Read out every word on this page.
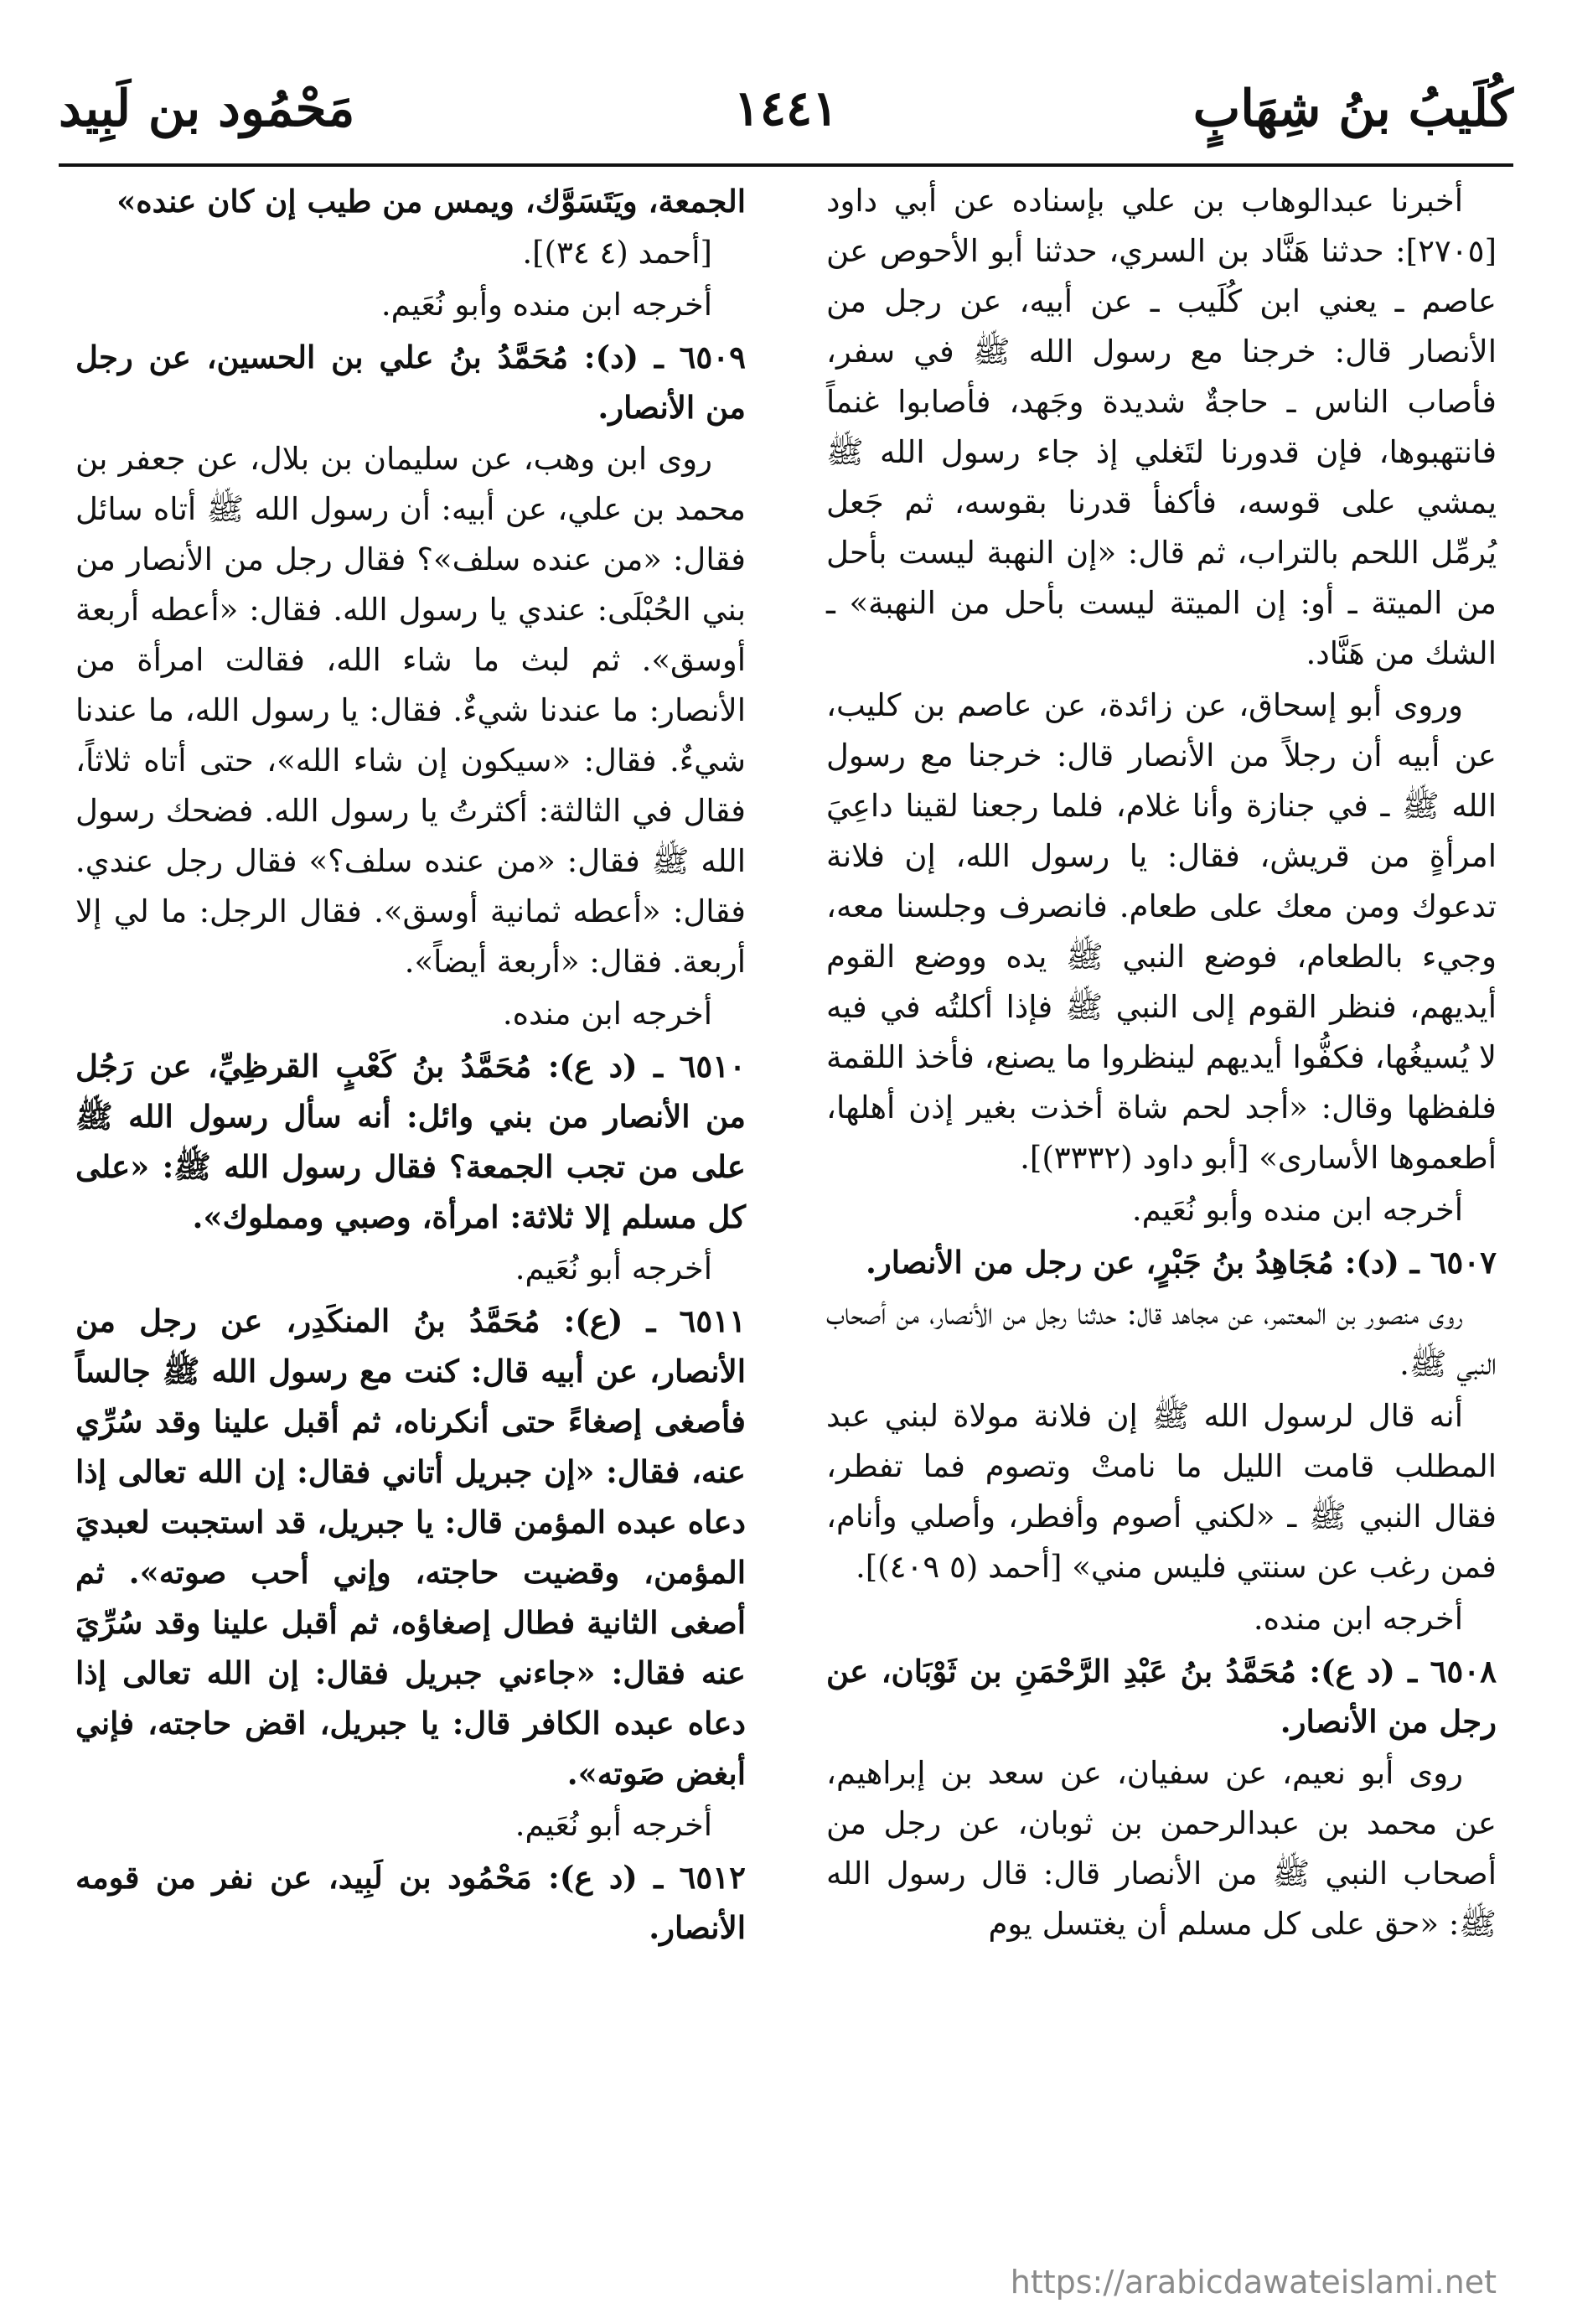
كُلَيبُ بنُ شِهَابٍ
١٤٤١
مَحْمُود بن لَبِيد

أخبرنا عبدالوهاب بن علي بإسناده عن أبي داود [٢٧٠٥]: حدثنا هَنَّاد بن السري، حدثنا أبو الأحوص عن عاصم ـ يعني ابن كُلَيب ـ عن أبيه، عن رجل من الأنصار قال: خرجنا مع رسول الله ﷺ في سفر، فأصاب الناس ـ حاجةٌ شديدة وجَهد، فأصابوا غنماً فانتهبوها، فإن قدورنا لتَغلي إذ جاء رسول الله ﷺ يمشي على قوسه، فأكفأ قدرنا بقوسه، ثم جَعل يُرمِّل اللحم بالتراب، ثم قال: «إن النهبة ليست بأحل من الميتة ـ أو: إن الميتة ليست بأحل من النهبة» ـ الشك من هَنَّاد.

وروى أبو إسحاق، عن زائدة، عن عاصم بن كليب، عن أبيه أن رجلاً من الأنصار قال: خرجنا مع رسول الله ﷺ ـ في جنازة وأنا غلام، فلما رجعنا لقينا داعِيَ امرأةٍ من قريش، فقال: يا رسول الله، إن فلانة تدعوك ومن معك على طعام. فانصرف وجلسنا معه، وجيء بالطعام، فوضع النبي ﷺ يده ووضع القوم أيديهم، فنظر القوم إلى النبي ﷺ فإذا أكلتُه في فيه لا يُسيغُها، فكفُّوا أيديهم لينظروا ما يصنع، فأخذ اللقمة فلفظها وقال: «أجد لحم شاة أخذت بغير إذن أهلها، أطعموها الأسارى» [أبو داود (٣٣٣٢)].

أخرجه ابن منده وأبو نُعَيم.

٦٥٠٧ ـ (د): مُجَاهِدُ بنُ جَبْرٍ، عن رجل من الأنصار.

روى منصور بن المعتمر، عن مجاهد قال: حدثنا رجل من الأنصار، من أصحاب النبي ﷺ.

أنه قال لرسول الله ﷺ إن فلانة مولاة لبني عبد المطلب قامت الليل ما نامتْ وتصوم فما تفطر، فقال النبي ﷺ ـ «لكني أصوم وأفطر، وأصلي وأنام، فمن رغب عن سنتي فليس مني» [أحمد (٥ ٤٠٩)].

أخرجه ابن منده.

٦٥٠٨ ـ (د ع): مُحَمَّدُ بنُ عَبْدِ الرَّحْمَنِ بن ثَوْبَان، عن رجل من الأنصار.

روى أبو نعيم، عن سفيان، عن سعد بن إبراهيم، عن محمد بن عبدالرحمن بن ثوبان، عن رجل من أصحاب النبي ﷺ من الأنصار قال: قال رسول الله ﷺ: «حق على كل مسلم أن يغتسل يوم

الجمعة، ويَتَسَوَّك، ويمس من طيب إن كان عنده»

[أحمد (٤ ٣٤)].

أخرجه ابن منده وأبو نُعَيم.

٦٥٠٩ ـ (د): مُحَمَّدُ بنُ علي بن الحسين، عن رجل من الأنصار.

روى ابن وهب، عن سليمان بن بلال، عن جعفر بن محمد بن علي، عن أبيه: أن رسول الله ﷺ أتاه سائل فقال: «من عنده سلف»؟ فقال رجل من الأنصار من بني الحُبْلَى: عندي يا رسول الله. فقال: «أعطه أربعة أوسق». ثم لبث ما شاء الله، فقالت امرأة من الأنصار: ما عندنا شيءٌ. فقال: يا رسول الله، ما عندنا شيءٌ. فقال: «سيكون إن شاء الله»، حتى أتاه ثلاثاً، فقال في الثالثة: أكثرتُ يا رسول الله. فضحك رسول الله ﷺ فقال: «من عنده سلف؟» فقال رجل عندي. فقال: «أعطه ثمانية أوسق». فقال الرجل: ما لي إلا أربعة. فقال: «أربعة أيضاً».

أخرجه ابن منده.

٦٥١٠ ـ (د ع): مُحَمَّدُ بنُ كَعْبٍ القرظِيِّ، عن رَجُل من الأنصار من بني وائل: أنه سأل رسول الله ﷺ على من تجب الجمعة؟ فقال رسول الله ﷺ: «على كل مسلم إلا ثلاثة: امرأة، وصبي ومملوك».

أخرجه أبو نُعَيم.

٦٥١١ ـ (ع): مُحَمَّدُ بنُ المنكَدِر، عن رجل من الأنصار، عن أبيه قال: كنت مع رسول الله ﷺ جالساً فأصغى إصغاءً حتى أنكرناه، ثم أقبل علينا وقد سُرِّي عنه، فقال: «إن جبريل أتاني فقال: إن الله تعالى إذا دعاه عبده المؤمن قال: يا جبريل، قد استجبت لعبديَ المؤمن، وقضيت حاجته، وإني أحب صوته». ثم أصغى الثانية فطال إصغاؤه، ثم أقبل علينا وقد سُرِّيَ عنه فقال: «جاءني جبريل فقال: إن الله تعالى إذا دعاه عبده الكافر قال: يا جبريل، اقض حاجته، فإني أبغض صَوته».

أخرجه أبو نُعَيم.

٦٥١٢ ـ (د ع): مَحْمُود بن لَبِيد، عن نفر من قومه الأنصار.

https://arabicdawateislami.net
